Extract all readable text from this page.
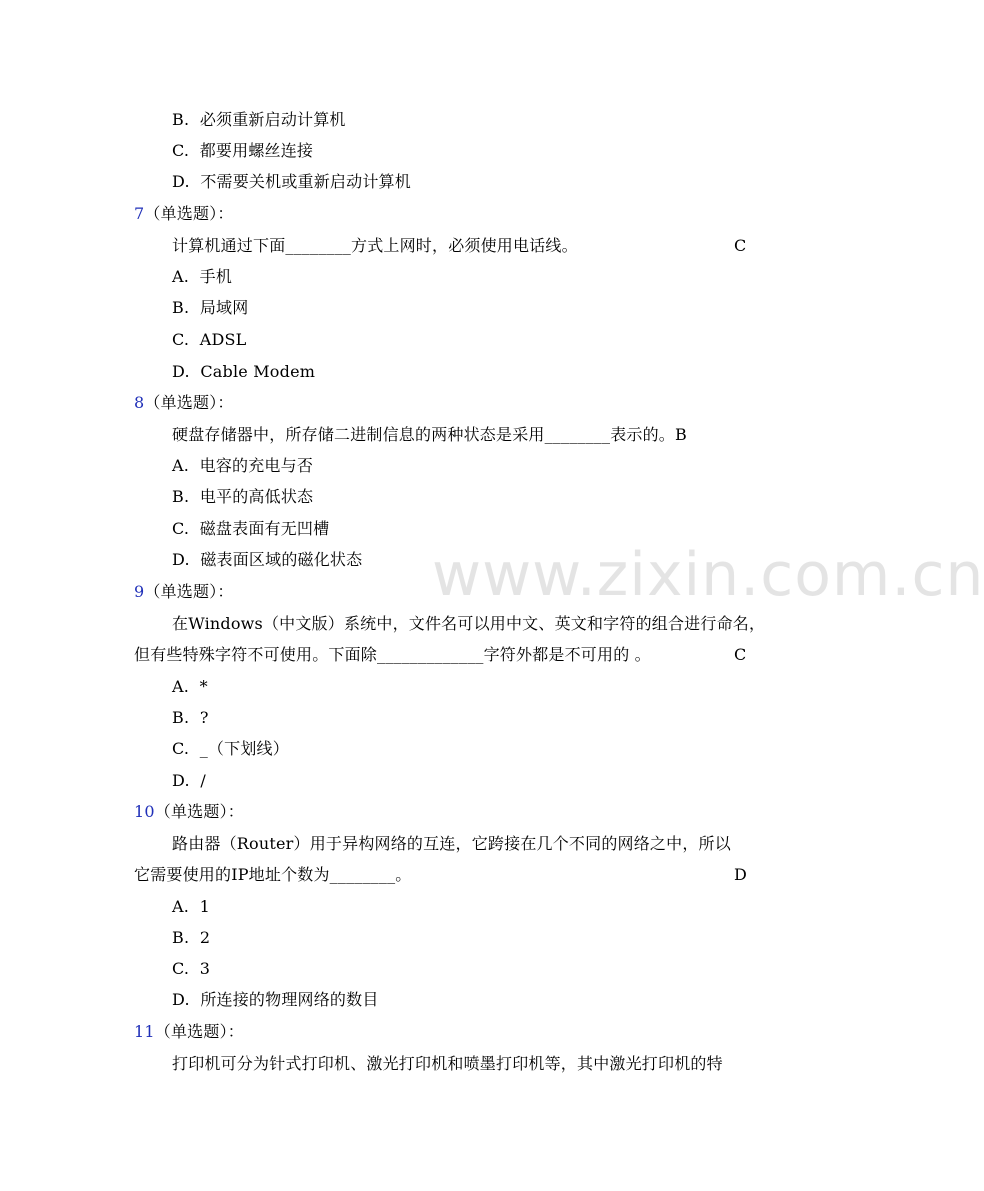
B.  必须重新启动计算机
C.  都要用螺丝连接
D.  不需要关机或重新启动计算机
7（单选题）：
计算机通过下面________方式上网时，必须使用电话线。	C
A.  手机
B.  局域网
C.  ADSL
D.  Cable Modem
8（单选题）：
硬盘存储器中，所存储二进制信息的两种状态是采用________表示的。B
A.  电容的充电与否
B.  电平的高低状态
C.  磁盘表面有无凹槽
D.  磁表面区域的磁化状态
9（单选题）：
在Windows（中文版）系统中，文件名可以用中文、英文和字符的组合进行命名，
但有些特殊字符不可使用。下面除_____________字符外都是不可用的 。	C
A.  *
B.  ?
C.  _（下划线）
D.  /
10（单选题）：
路由器（Router）用于异构网络的互连，它跨接在几个不同的网络之中，所以
它需要使用的IP地址个数为________。	D
A.  1
B.  2
C.  3
D.  所连接的物理网络的数目
11（单选题）：
打印机可分为针式打印机、激光打印机和喷墨打印机等，其中激光打印机的特
www.zixin.com.cn
